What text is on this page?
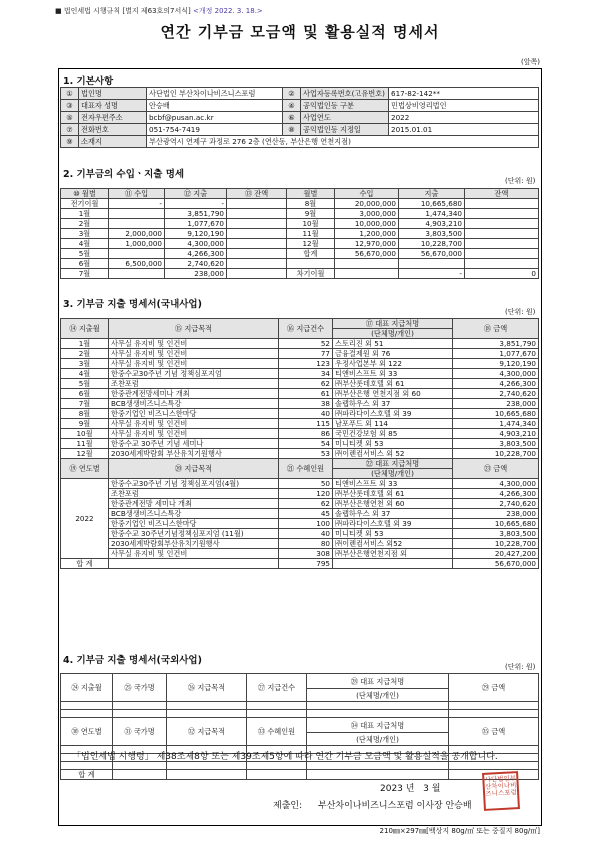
■ 법인세법 시행규칙 [별지 제63호의7서식] <개정 2022. 3. 18.>
연간 기부금 모금액 및 활용실적 명세서
(앞쪽)
1. 기본사항
①	법인명	사단법인 부산차이나비즈니스포럼	②	사업자등록번호(고유번호)	617-82-142**
③	대표자 성명	안승배	④	공익법인등 구분	민법상비영리법인
⑤	전자우편주소	bcbf@pusan.ac.kr	⑥	사업연도	2022
⑦	전화번호	051-754-7419	⑧	공익법인등 지정일	2015.01.01
⑨	소재지	부산광역시 연제구 과정로 276 2층 (연산동, 부산은행 연천지점)			
2. 기부금의 수입ㆍ지출 명세
(단위: 원)
⑩ 월별	⑪ 수입	⑫ 지출	⑬ 잔액	월별	수입	지출	잔액
전기이월	-	-		8월	20,000,000	10,665,680	
1월		3,851,790		9월	3,000,000	1,474,340	
2월		1,077,670		10월	10,000,000	4,903,210	
3월	2,000,000	9,120,190		11월	1,200,000	3,803,500	
4월	1,000,000	4,300,000		12월	12,970,000	10,228,700	
5월		4,266,300		합계	56,670,000	56,670,000	
6월	6,500,000	2,740,620					
7월		238,000		차기이월		-	0
3. 기부금 지출 명세서(국내사업)
(단위: 원)
⑭ 지출월	⑮ 지급목적	⑯ 지급건수	⑰ 대표 지급처명	⑱ 금액
			(단체명/개인)	
1월	사무실 유지비 및 인건비	52	스토리진 외 51	3,851,790
2월	사무실 유지비 및 인건비	77	금융결제원 외 76	1,077,670
3월	사무실 유지비 및 인건비	123	우정사업본부 외 122	9,120,190
4월	한중수교30주년 기념 정책심포지엄	34	티앤비스프트 외 33	4,300,000
5월	조찬포럼	62	㈜부산롯데호텔 외 61	4,266,300
6월	한중관계전망세미나 개최	61	㈜부산은행 연천지점 외 60	2,740,620
7월	BCB생생비즈니스특강	38	솔랩하우스 외 37	238,000
8월	한중기업인 비즈니스한마당	40	㈜파라다이스호텔 외 39	10,665,680
9월	사무실 유지비 및 인건비	115	남포푸드 외 114	1,474,340
10월	사무실 유지비 및 인건비	86	국민건강보험 외 85	4,903,210
11월	한중수교 30주년 기념 세미나	54	미니티켓 외 53	3,803,500
12월	2030세계박람회 부산유치기원행사	53	㈜이렌컴서비스 외 52	10,228,700
⑲ 연도별	⑳ 지급목적	㉑ 수혜인원	㉒ 대표 지급처명	㉓ 금액
			(단체명/개인)	
2022	한중수교30주년 기념 정책심포지엄(4월)	50	티앤비스프트 외 33	4,300,000
	조찬포럼	120	㈜부산롯데호텔 외 61	4,266,300
	한중관계전망 세미나 개최	62	㈜부산은행연천 외 60	2,740,620
	BCB생생비즈니스특강	45	솔랩하우스 외 37	238,000
	한중기업인 비즈니스한마당	100	㈜파라다이스호텔 외 39	10,665,680
	한중수교 30주년기념정책심포지엄 (11월)	40	미니티켓 외 53	3,803,500
	2030세계박람회부산유치기원행사	80	㈜이렌컴서비스 외52	10,228,700
	사무실 유지비 및 인건비	308	㈜부산은행연천지점 외	20,427,200
합 계		795		56,670,000
4. 기부금 지출 명세서(국외사업)
(단위: 원)
㉔ 지출월	㉕ 국가명	㉖ 지급목적	㉗ 지급건수	㉘ 대표 지급처명	㉙ 금액
				(단체명/개인)	

㉚ 연도별	㉛ 국가명	㉜ 지급목적	㉝ 수혜인원	㉞ 대표 지급처명	㉟ 금액
				(단체명/개인)	

합 계					
「법인세법 시행령」 제38조제8항 또는 제39조제5항에 따라 연간 기부금 모금액 및 활용실적을 공개합니다.
2023 년 3 월
제출인: 부산차이나비즈니스포럼 이사장 안승배
사단법인부산차이나비즈니스포럼
210㎜×297㎜[백상지 80g/㎡ 또는 중질지 80g/㎡]
